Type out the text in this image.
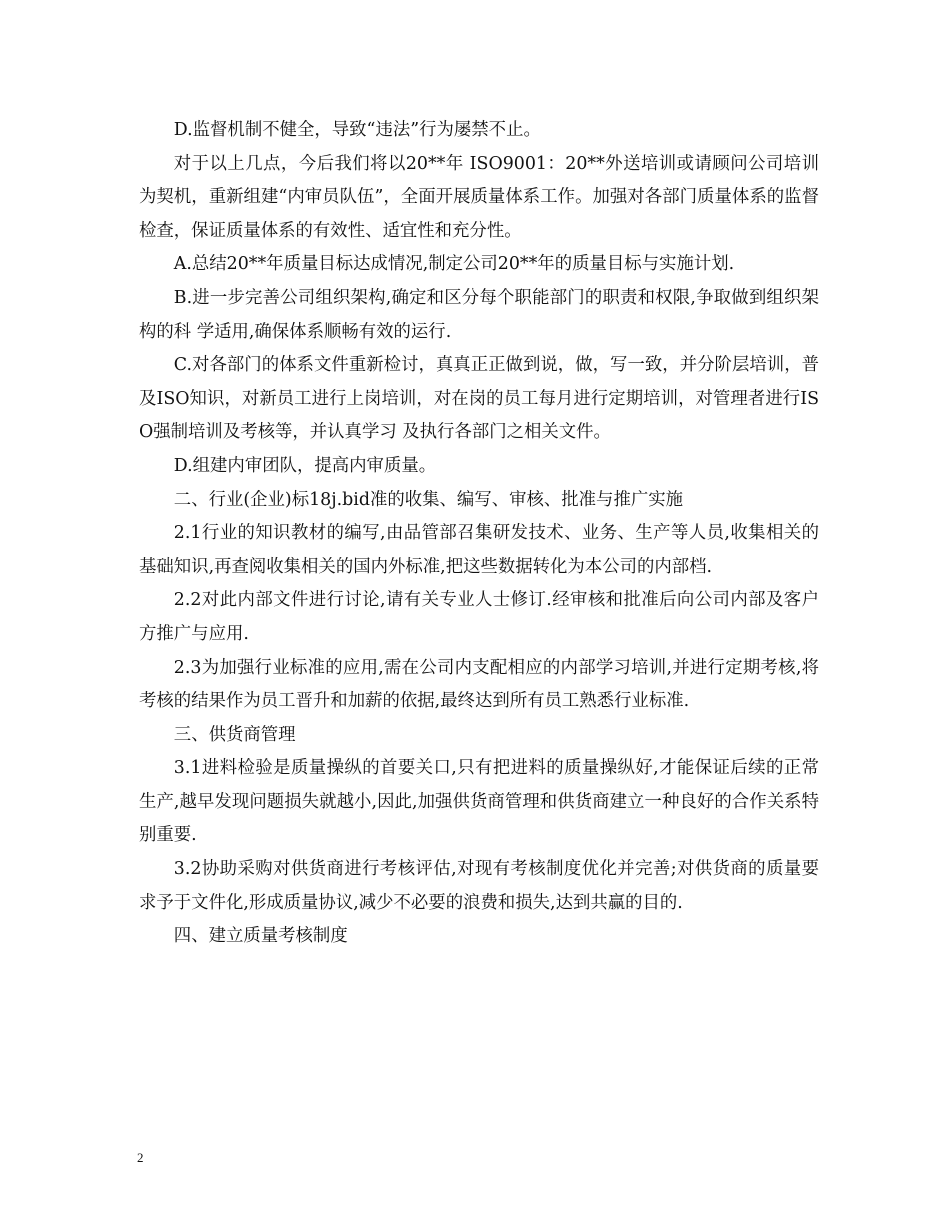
D.监督机制不健全，导致“违法”行为屡禁不止。

对于以上几点，今后我们将以20**年 ISO9001：20**外送培训或请顾问公司培训为契机，重新组建“内审员队伍”，全面开展质量体系工作。加强对各部门质量体系的监督检查，保证质量体系的有效性、适宜性和充分性。

A.总结20**年质量目标达成情况,制定公司20**年的质量目标与实施计划.

B.进一步完善公司组织架构,确定和区分每个职能部门的职责和权限,争取做到组织架构的科 学适用,确保体系顺畅有效的运行.

C.对各部门的体系文件重新检讨，真真正正做到说，做，写一致，并分阶层培训，普及ISO知识，对新员工进行上岗培训，对在岗的员工每月进行定期培训，对管理者进行ISO强制培训及考核等，并认真学习 及执行各部门之相关文件。

D.组建内审团队，提高内审质量。

二、行业(企业)标18j.bid准的收集、编写、审核、批准与推广实施

2.1行业的知识教材的编写,由品管部召集研发技术、业务、生产等人员,收集相关的基础知识,再查阅收集相关的国内外标准,把这些数据转化为本公司的内部档.

2.2对此内部文件进行讨论,请有关专业人士修订.经审核和批准后向公司内部及客户方推广与应用.

2.3为加强行业标准的应用,需在公司内支配相应的内部学习培训,并进行定期考核,将考核的结果作为员工晋升和加薪的依据,最终达到所有员工熟悉行业标准.

三、供货商管理

3.1进料检验是质量操纵的首要关口,只有把进料的质量操纵好,才能保证后续的正常生产,越早发现问题损失就越小,因此,加强供货商管理和供货商建立一种良好的合作关系特别重要.

3.2协助采购对供货商进行考核评估,对现有考核制度优化并完善;对供货商的质量要求予于文件化,形成质量协议,减少不必要的浪费和损失,达到共赢的目的.

四、建立质量考核制度

2
